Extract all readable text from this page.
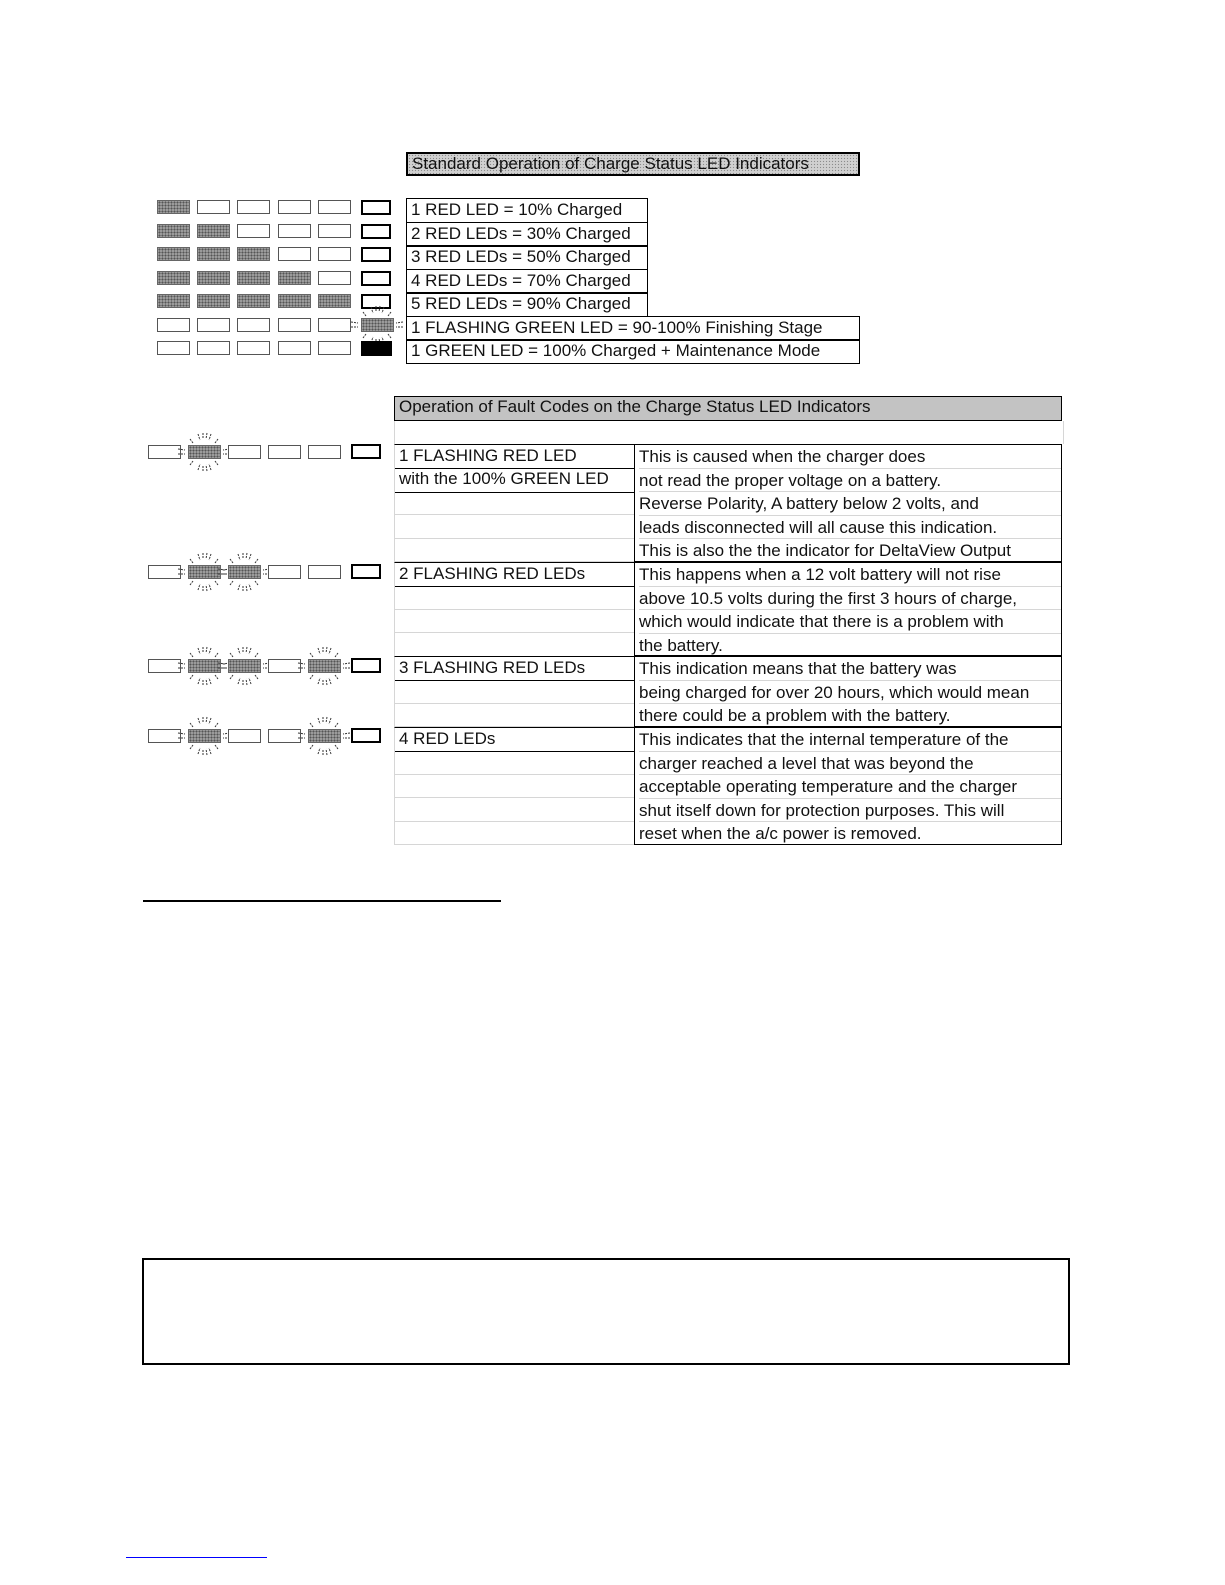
Standard Operation of Charge Status LED Indicators
1 RED LED = 10% Charged
2 RED LEDs = 30% Charged
3 RED LEDs = 50% Charged
4 RED LEDs = 70% Charged
5 RED LEDs = 90% Charged
1 FLASHING GREEN LED = 90-100% Finishing Stage
1 GREEN LED = 100% Charged + Maintenance Mode
Operation of Fault Codes on the Charge Status LED Indicators
This is caused when the charger does
not read the proper voltage on a battery.
Reverse Polarity, A battery below 2 volts, and
leads disconnected will all cause this indication.
This is also the the indicator for DeltaView Output
1 FLASHING RED LED
with the 100% GREEN LED
This happens when a 12 volt battery will not rise
above 10.5 volts during the first 3 hours of charge,
which would indicate that there is a problem with
the battery.
2 FLASHING RED LEDs
This indication means that the battery was
being charged for over 20 hours, which would mean
there could be a problem with the battery.
3 FLASHING RED LEDs
This indicates that the internal temperature of the
charger reached a level that was beyond the
acceptable operating temperature and the charger
shut itself down for protection purposes. This will
reset when the a/c power is removed.
4 RED LEDs
